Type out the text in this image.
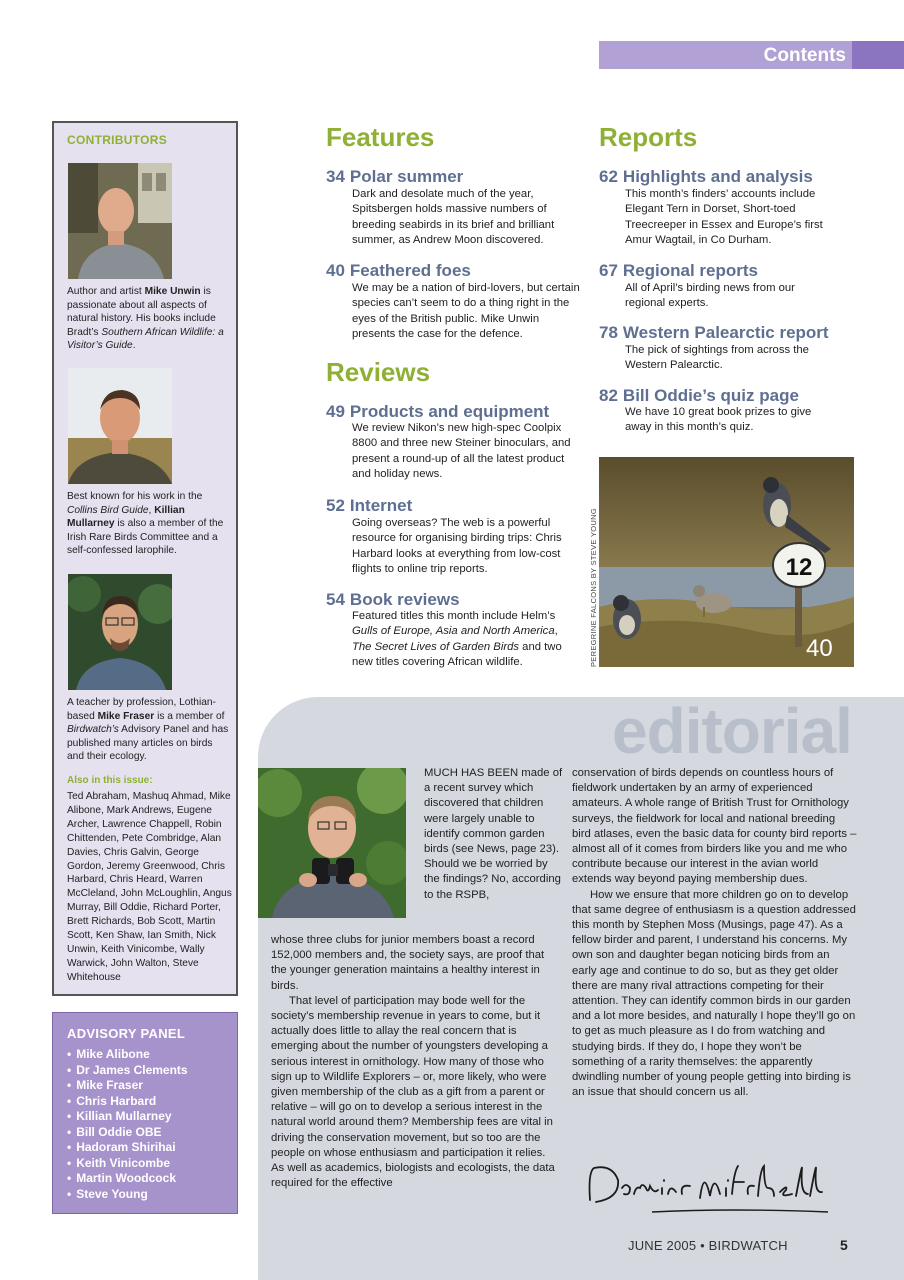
Contents
CONTRIBUTORS
Author and artist Mike Unwin is passionate about all aspects of natural history. His books include Bradt’s Southern African Wildlife: a Visitor’s Guide.
Best known for his work in the Collins Bird Guide, Killian Mullarney is also a member of the Irish Rare Birds Committee and a self-confessed larophile.
A teacher by profession, Lothian-based Mike Fraser is a member of Birdwatch’s Advisory Panel and has published many articles on birds and their ecology.
Also in this issue:
Ted Abraham, Mashuq Ahmad, Mike Alibone, Mark Andrews, Eugene Archer, Lawrence Chappell, Robin Chittenden, Pete Combridge, Alan Davies, Chris Galvin, George Gordon, Jeremy Greenwood, Chris Harbard, Chris Heard, Warren McCleland, John McLoughlin, Angus Murray, Bill Oddie, Richard Porter, Brett Richards, Bob Scott, Martin Scott, Ken Shaw, Ian Smith, Nick Unwin, Keith Vinicombe, Wally Warwick, John Walton, Steve Whitehouse
ADVISORY PANEL
• Mike Alibone
• Dr James Clements
• Mike Fraser
• Chris Harbard
• Killian Mullarney
• Bill Oddie OBE
• Hadoram Shirihai
• Keith Vinicombe
• Martin Woodcock
• Steve Young
Features
34 Polar summer
Dark and desolate much of the year, Spitsbergen holds massive numbers of breeding seabirds in its brief and brilliant summer, as Andrew Moon discovered.
40 Feathered foes
We may be a nation of bird-lovers, but certain species can’t seem to do a thing right in the eyes of the British public. Mike Unwin presents the case for the defence.
Reviews
49 Products and equipment
We review Nikon’s new high-spec Coolpix 8800 and three new Steiner binoculars, and present a round-up of all the latest product and holiday news.
52 Internet
Going overseas? The web is a powerful resource for organising birding trips: Chris Harbard looks at everything from low-cost flights to online trip reports.
54 Book reviews
Featured titles this month include Helm’s Gulls of Europe, Asia and North America, The Secret Lives of Garden Birds and two new titles covering African wildlife.
Reports
62 Highlights and analysis
This month’s finders’ accounts include Elegant Tern in Dorset, Short-toed Treecreeper in Essex and Europe’s first Amur Wagtail, in Co Durham.
67 Regional reports
All of April’s birding news from our regional experts.
78 Western Palearctic report
The pick of sightings from across the Western Palearctic.
82 Bill Oddie’s quiz page
We have 10 great book prizes to give away in this month’s quiz.
12
40
PEREGRINE FALCONS BY STEVE YOUNG
editorial
MUCH HAS BEEN made of a recent survey which discovered that children were largely unable to identify common garden birds (see News, page 23). Should we be worried by the findings? No, according to the RSPB,

whose three clubs for junior members boast a record 152,000 members and, the society says, are proof that the younger generation maintains a healthy interest in birds.

That level of participation may bode well for the society’s membership revenue in years to come, but it actually does little to allay the real concern that is emerging about the number of youngsters developing a serious interest in ornithology. How many of those who sign up to Wildlife Explorers – or, more likely, who were given membership of the club as a gift from a parent or relative – will go on to develop a serious interest in the natural world around them? Membership fees are vital in driving the conservation movement, but so too are the people on whose enthusiasm and participation it relies. As well as academics, biologists and ecologists, the data required for the effective

conservation of birds depends on countless hours of fieldwork undertaken by an army of experienced amateurs. A whole range of British Trust for Ornithology surveys, the fieldwork for local and national breeding bird atlases, even the basic data for county bird reports – almost all of it comes from birders like you and me who contribute because our interest in the avian world extends way beyond paying membership dues.

How we ensure that more children go on to develop that same degree of enthusiasm is a question addressed this month by Stephen Moss (Musings, page 47). As a fellow birder and parent, I understand his concerns. My own son and daughter began noticing birds from an early age and continue to do so, but as they get older there are many rival attractions competing for their attention. They can identify common birds in our garden and a lot more besides, and naturally I hope they’ll go on to get as much pleasure as I do from watching and studying birds. If they do, I hope they won’t be something of a rarity themselves: the apparently dwindling number of young people getting into birding is an issue that should concern us all.

JUNE 2005 • BIRDWATCH	5
